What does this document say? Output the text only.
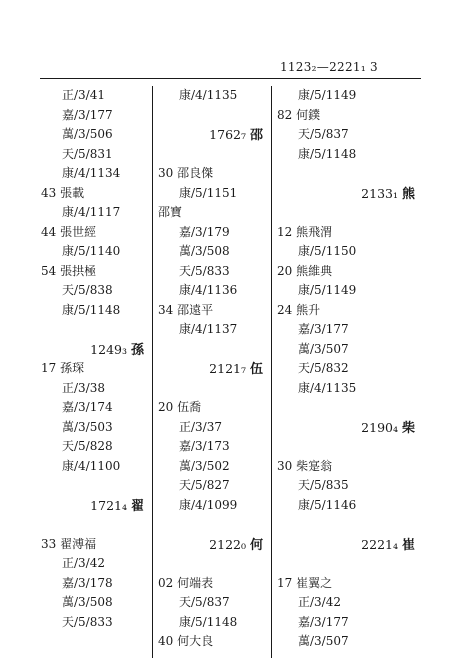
1123₂—2221₁ 3
正/3/41
嘉/3/177
萬/3/506
天/5/831
康/4/1134
43 張載
康/4/1117
44 張世經
康/5/1140
54 張拱極
天/5/838
康/5/1148
1249₃ 孫
17 孫琛
正/3/38
嘉/3/174
萬/3/503
天/5/828
康/4/1100
1721₄ 翟
33 翟溥福
正/3/42
嘉/3/178
萬/3/508
天/5/833
康/4/1135
1762₇ 邵
30 邵良傑
康/5/1151
邵寶
嘉/3/179
萬/3/508
天/5/833
康/4/1136
34 邵遠平
康/4/1137
2121₇ 伍
20 伍喬
正/3/37
嘉/3/173
萬/3/502
天/5/827
康/4/1099
2122₀ 何
02 何端表
天/5/837
康/5/1148
40 何大良
康/5/1149
82 何鏷
天/5/837
康/5/1148
2133₁ 熊
12 熊飛渭
康/5/1150
20 熊維典
康/5/1149
24 熊升
嘉/3/177
萬/3/507
天/5/832
康/4/1135
2190₄ 柴
30 柴寔翁
天/5/835
康/5/1146
2221₄ 崔
17 崔翼之
正/3/42
嘉/3/177
萬/3/507
